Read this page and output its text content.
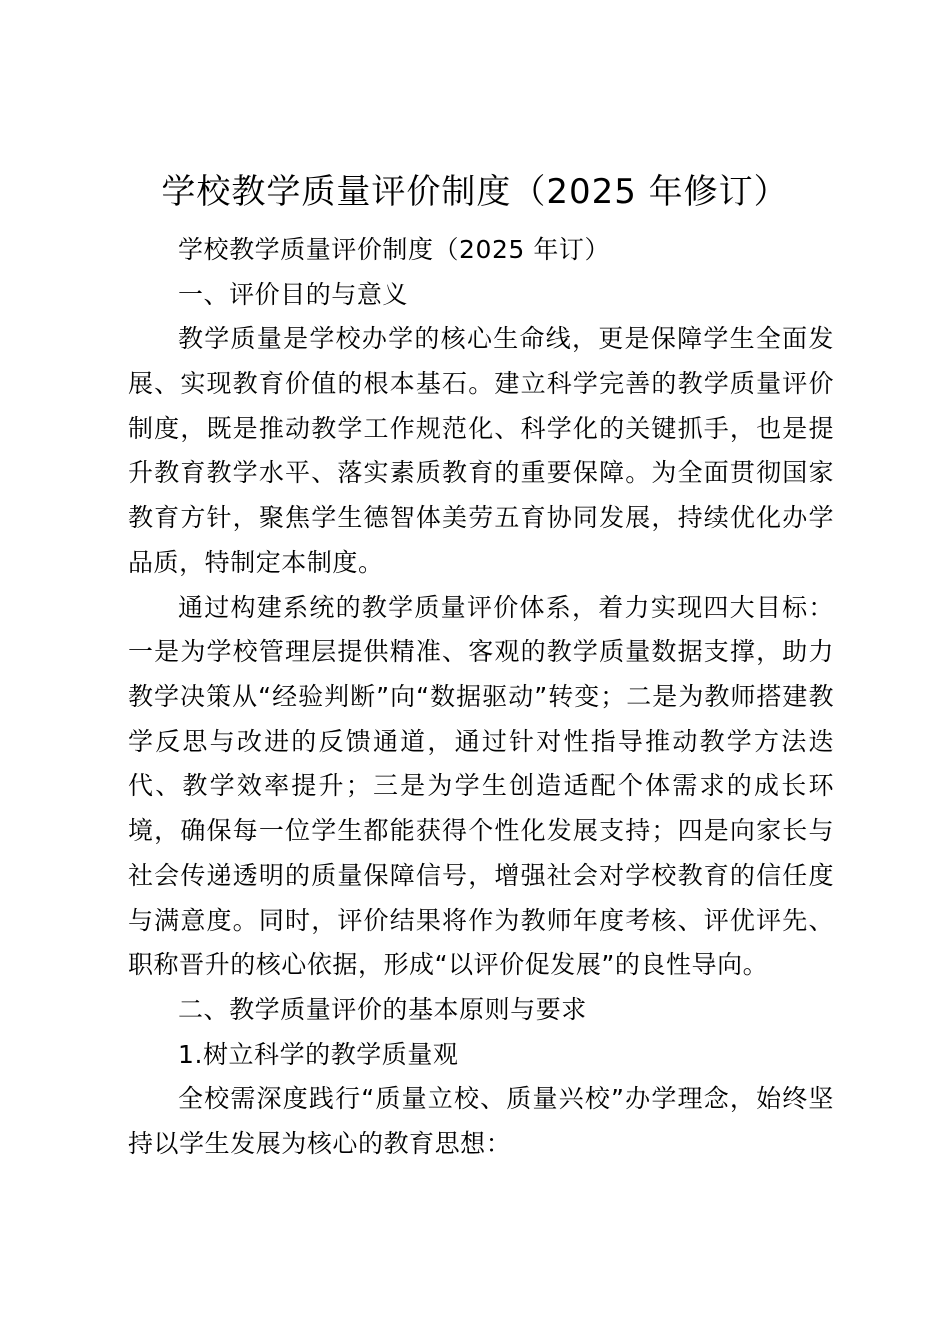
学校教学质量评价制度（2025 年修订）

学校教学质量评价制度（2025 年订）

一、评价目的与意义

教学质量是学校办学的核心生命线，更是保障学生全面发展、实现教育价值的根本基石。建立科学完善的教学质量评价制度，既是推动教学工作规范化、科学化的关键抓手，也是提升教育教学水平、落实素质教育的重要保障。为全面贯彻国家教育方针，聚焦学生德智体美劳五育协同发展，持续优化办学品质，特制定本制度。

通过构建系统的教学质量评价体系，着力实现四大目标：一是为学校管理层提供精准、客观的教学质量数据支撑，助力教学决策从“经验判断”向“数据驱动”转变；二是为教师搭建教学反思与改进的反馈通道，通过针对性指导推动教学方法迭代、教学效率提升；三是为学生创造适配个体需求的成长环境，确保每一位学生都能获得个性化发展支持；四是向家长与社会传递透明的质量保障信号，增强社会对学校教育的信任度与满意度。同时，评价结果将作为教师年度考核、评优评先、职称晋升的核心依据，形成“以评价促发展”的良性导向。

二、教学质量评价的基本原则与要求

1.树立科学的教学质量观

全校需深度践行“质量立校、质量兴校”办学理念，始终坚持以学生发展为核心的教育思想：
